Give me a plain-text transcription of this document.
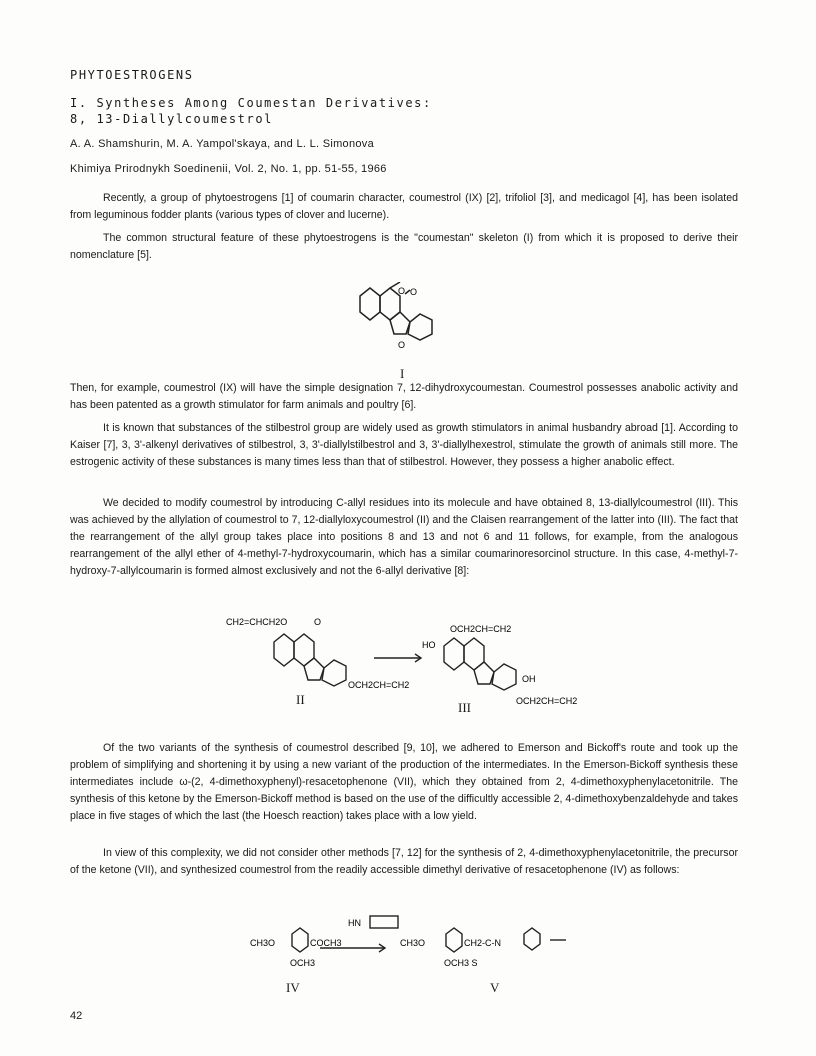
PHYTOESTROGENS
I. Syntheses Among Coumestan Derivatives:
8, 13-Diallylcoumestrol
A. A. Shamshurin, M. A. Yampol'skaya, and L. L. Simonova
Khimiya Prirodnykh Soedinenii, Vol. 2, No. 1, pp. 51-55, 1966
Recently, a group of phytoestrogens [1] of coumarin character, coumestrol (IX) [2], trifoliol [3], and medicagol [4], has been isolated from leguminous fodder plants (various types of clover and lucerne).
The common structural feature of these phytoestrogens is the "coumestan" skeleton (I) from which it is proposed to derive their nomenclature [5].
O O
O
I
Then, for example, coumestrol (IX) will have the simple designation 7, 12-dihydroxycoumestan. Coumestrol possesses anabolic activity and has been patented as a growth stimulator for farm animals and poultry [6].
It is known that substances of the stilbestrol group are widely used as growth stimulators in animal husbandry abroad [1]. According to Kaiser [7], 3, 3'-alkenyl derivatives of stilbestrol, 3, 3'-diallylstilbestrol and 3, 3'-diallylhexestrol, stimulate the growth of animals still more. The estrogenic activity of these substances is many times less than that of stilbestrol. However, they possess a higher anabolic effect.
We decided to modify coumestrol by introducing C-allyl residues into its molecule and have obtained 8, 13-diallylcoumestrol (III). This was achieved by the allylation of coumestrol to 7, 12-diallyloxycoumestrol (II) and the Claisen rearrangement of the latter into (III). The fact that the rearrangement of the allyl group takes place into positions 8 and 13 and not 6 and 11 follows, for example, from the analogous rearrangement of the allyl ether of 4-methyl-7-hydroxycoumarin, which has a similar coumarinoresorcinol structure. In this case, 4-methyl-7-hydroxy-7-allylcoumarin is formed almost exclusively and not the 6-allyl derivative [8]:
CH2=CHCH2O	O
OCH2CH=CH2
HO
OCH2CH=CH2
OH
OCH2CH=CH2
II
III
Of the two variants of the synthesis of coumestrol described [9, 10], we adhered to Emerson and Bickoff's route and took up the problem of simplifying and shortening it by using a new variant of the production of the intermediates. In the Emerson-Bickoff synthesis these intermediates include ω-(2, 4-dimethoxyphenyl)-resacetophenone (VII), which they obtained from 2, 4-dimethoxyphenylacetonitrile. The synthesis of this ketone by the Emerson-Bickoff method is based on the use of the difficultly accessible 2, 4-dimethoxybenzaldehyde and takes place in five stages of which the last (the Hoesch reaction) takes place with a low yield.
In view of this complexity, we did not consider other methods [7, 12] for the synthesis of 2, 4-dimethoxyphenylacetonitrile, the precursor of the ketone (VII), and synthesized coumestrol from the readily accessible dimethyl derivative of resacetophenone (IV) as follows:
CH3O	COCH3
OCH3
HN
CH3O	CH2-C-N
OCH3 S
IV	V
42
